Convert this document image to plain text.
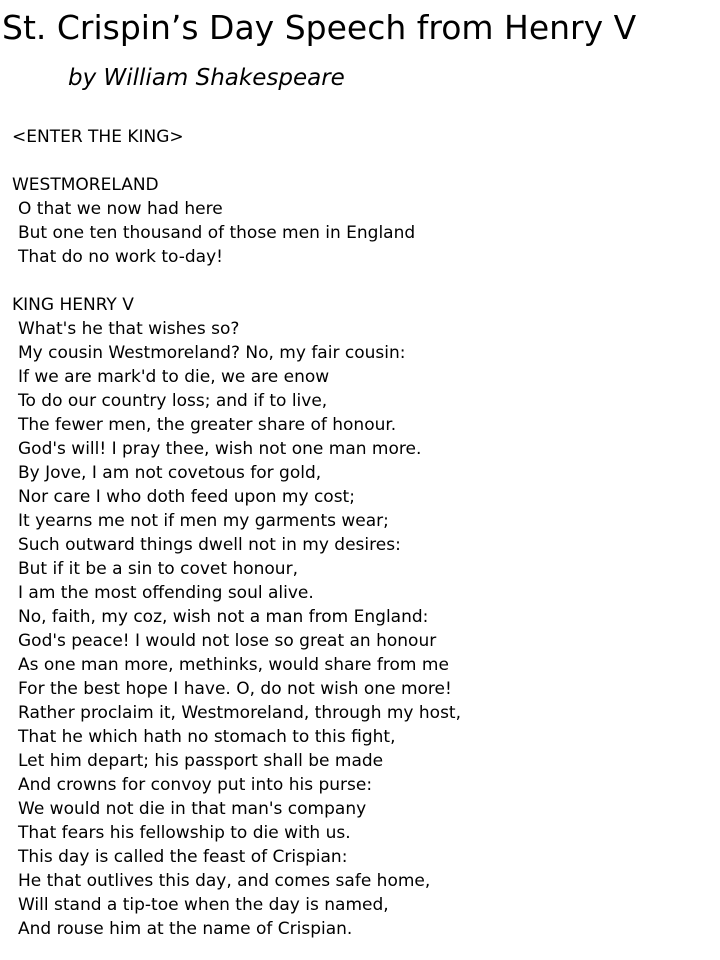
St. Crispin’s Day Speech from Henry V
by William Shakespeare
<ENTER THE KING>
WESTMORELAND
O that we now had here
But one ten thousand of those men in England
That do no work to-day!
KING HENRY V
What's he that wishes so?
My cousin Westmoreland? No, my fair cousin:
If we are mark'd to die, we are enow
To do our country loss; and if to live,
The fewer men, the greater share of honour.
God's will! I pray thee, wish not one man more.
By Jove, I am not covetous for gold,
Nor care I who doth feed upon my cost;
It yearns me not if men my garments wear;
Such outward things dwell not in my desires:
But if it be a sin to covet honour,
I am the most offending soul alive.
No, faith, my coz, wish not a man from England:
God's peace! I would not lose so great an honour
As one man more, methinks, would share from me
For the best hope I have. O, do not wish one more!
Rather proclaim it, Westmoreland, through my host,
That he which hath no stomach to this fight,
Let him depart; his passport shall be made
And crowns for convoy put into his purse:
We would not die in that man's company
That fears his fellowship to die with us.
This day is called the feast of Crispian:
He that outlives this day, and comes safe home,
Will stand a tip-toe when the day is named,
And rouse him at the name of Crispian.
